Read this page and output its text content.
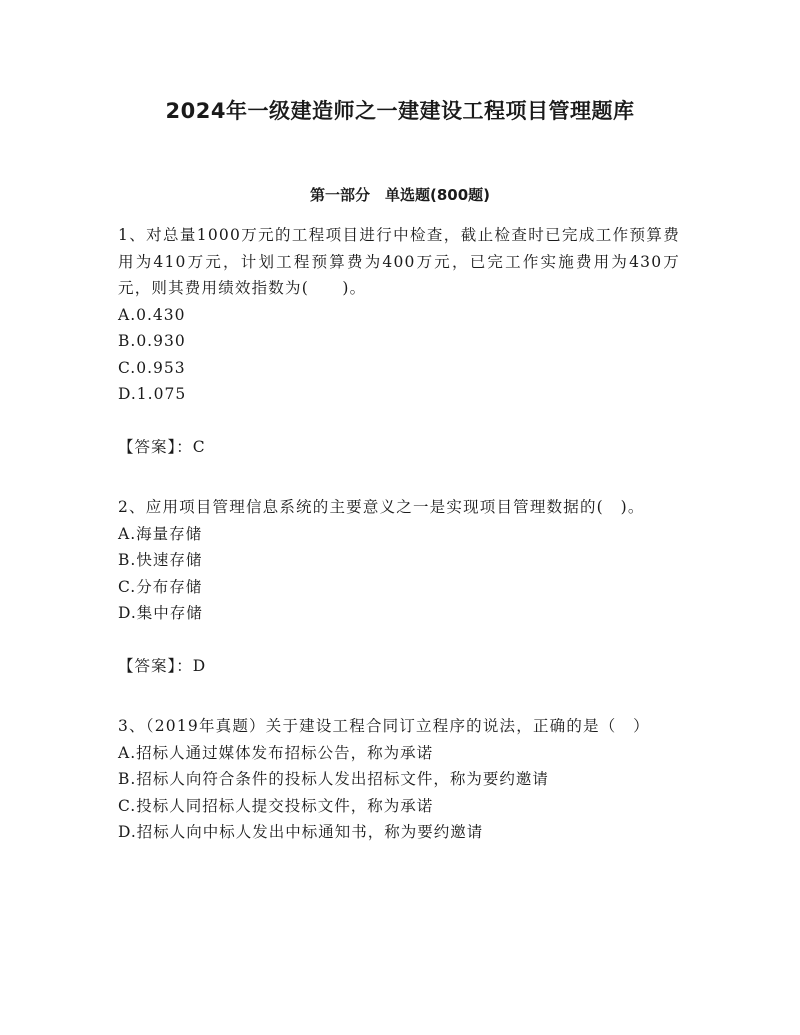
2024年一级建造师之一建建设工程项目管理题库
第一部分　单选题(800题)

1、对总量1000万元的工程项目进行中检查，截止检查时已完成工作预算费用为410万元，计划工程预算费为400万元，已完工作实施费用为430万元，则其费用绩效指数为(　　)。

A.0.430

B.0.930

C.0.953

D.1.075

【答案】：C

2、应用项目管理信息系统的主要意义之一是实现项目管理数据的(　)。

A.海量存储

B.快速存储

C.分布存储

D.集中存储

【答案】：D

3、（2019年真题）关于建设工程合同订立程序的说法，正确的是（　）

A.招标人通过媒体发布招标公告，称为承诺

B.招标人向符合条件的投标人发出招标文件，称为要约邀请

C.投标人同招标人提交投标文件，称为承诺

D.招标人向中标人发出中标通知书，称为要约邀请
